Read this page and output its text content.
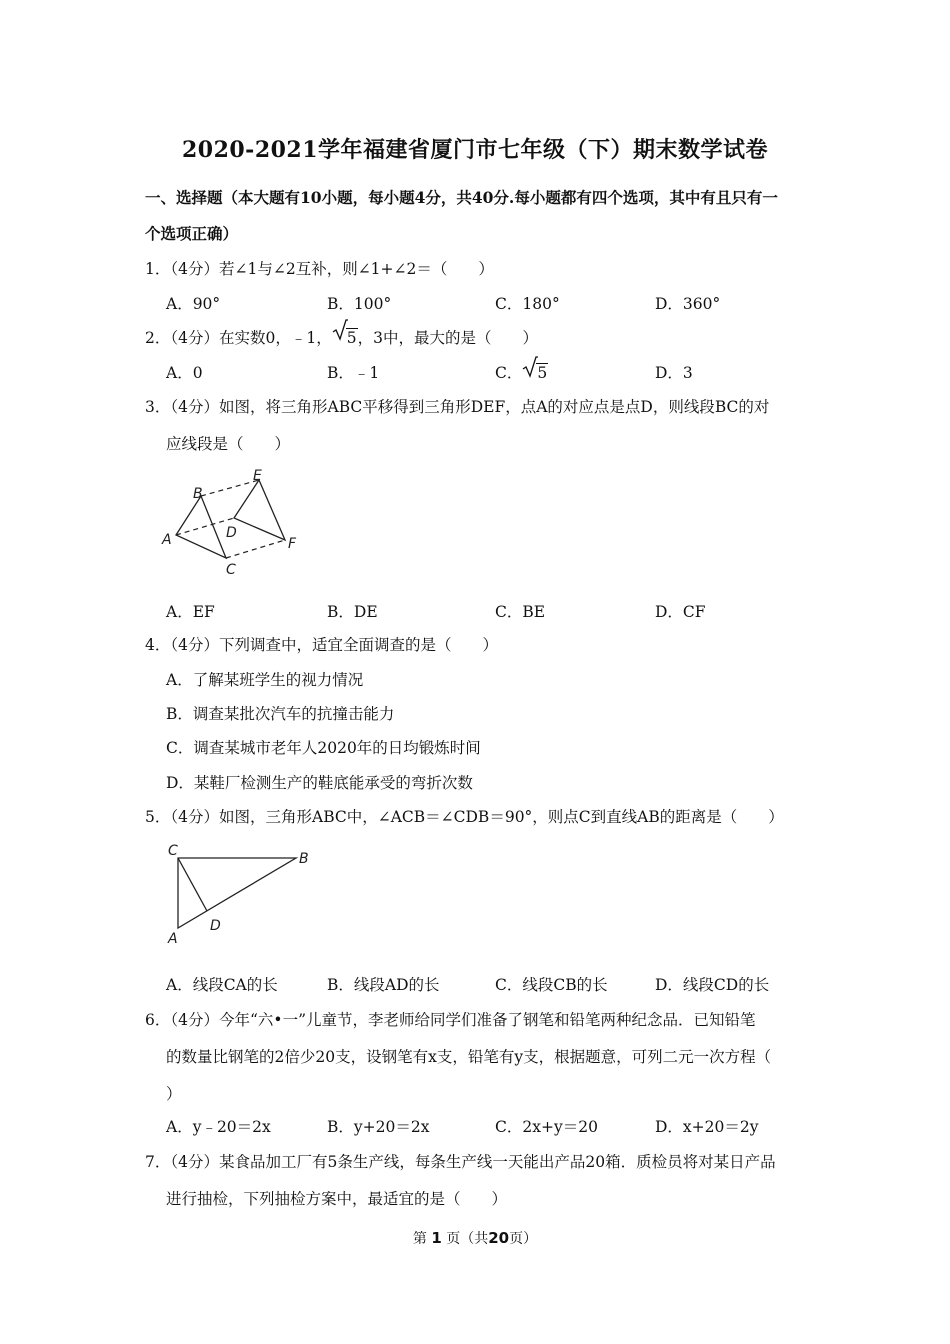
2020-2021学年福建省厦门市七年级（下）期末数学试卷
一、选择题（本大题有10小题，每小题4分，共40分.每小题都有四个选项，其中有且只有一
个选项正确）
1．（4分）若∠1与∠2互补，则∠1+∠2＝（　　）
A．90°	B．100°	C．180°	D．360°
2．（4分）在实数0，﹣1， 5，3中，最大的是（　　）
A．0	B．﹣1	C． 5	D．3
3．（4分）如图，将三角形ABC平移得到三角形DEF，点A的对应点是点D，则线段BC的对
应线段是（　　）
A
B
C
D
E
F
A．EF	B．DE	C．BE	D．CF
4．（4分）下列调查中，适宜全面调查的是（　　）
A．了解某班学生的视力情况
B．调查某批次汽车的抗撞击能力
C．调查某城市老年人2020年的日均锻炼时间
D．某鞋厂检测生产的鞋底能承受的弯折次数
5．（4分）如图，三角形ABC中，∠ACB＝∠CDB＝90°，则点C到直线AB的距离是（　　）
C	B
D
A
A．线段CA的长	B．线段AD的长	C．线段CB的长	D．线段CD的长
6．（4分）今年“六•一”儿童节，李老师给同学们准备了钢笔和铅笔两种纪念品．已知铅笔
的数量比钢笔的2倍少20支，设钢笔有x支，铅笔有y支，根据题意，可列二元一次方程（
）
A．y﹣20＝2x	B．y+20＝2x	C．2x+y＝20	D．x+20＝2y
7．（4分）某食品加工厂有5条生产线，每条生产线一天能出产品20箱．质检员将对某日产品
进行抽检，下列抽检方案中，最适宜的是（　　）
第 1 页（共20页）
